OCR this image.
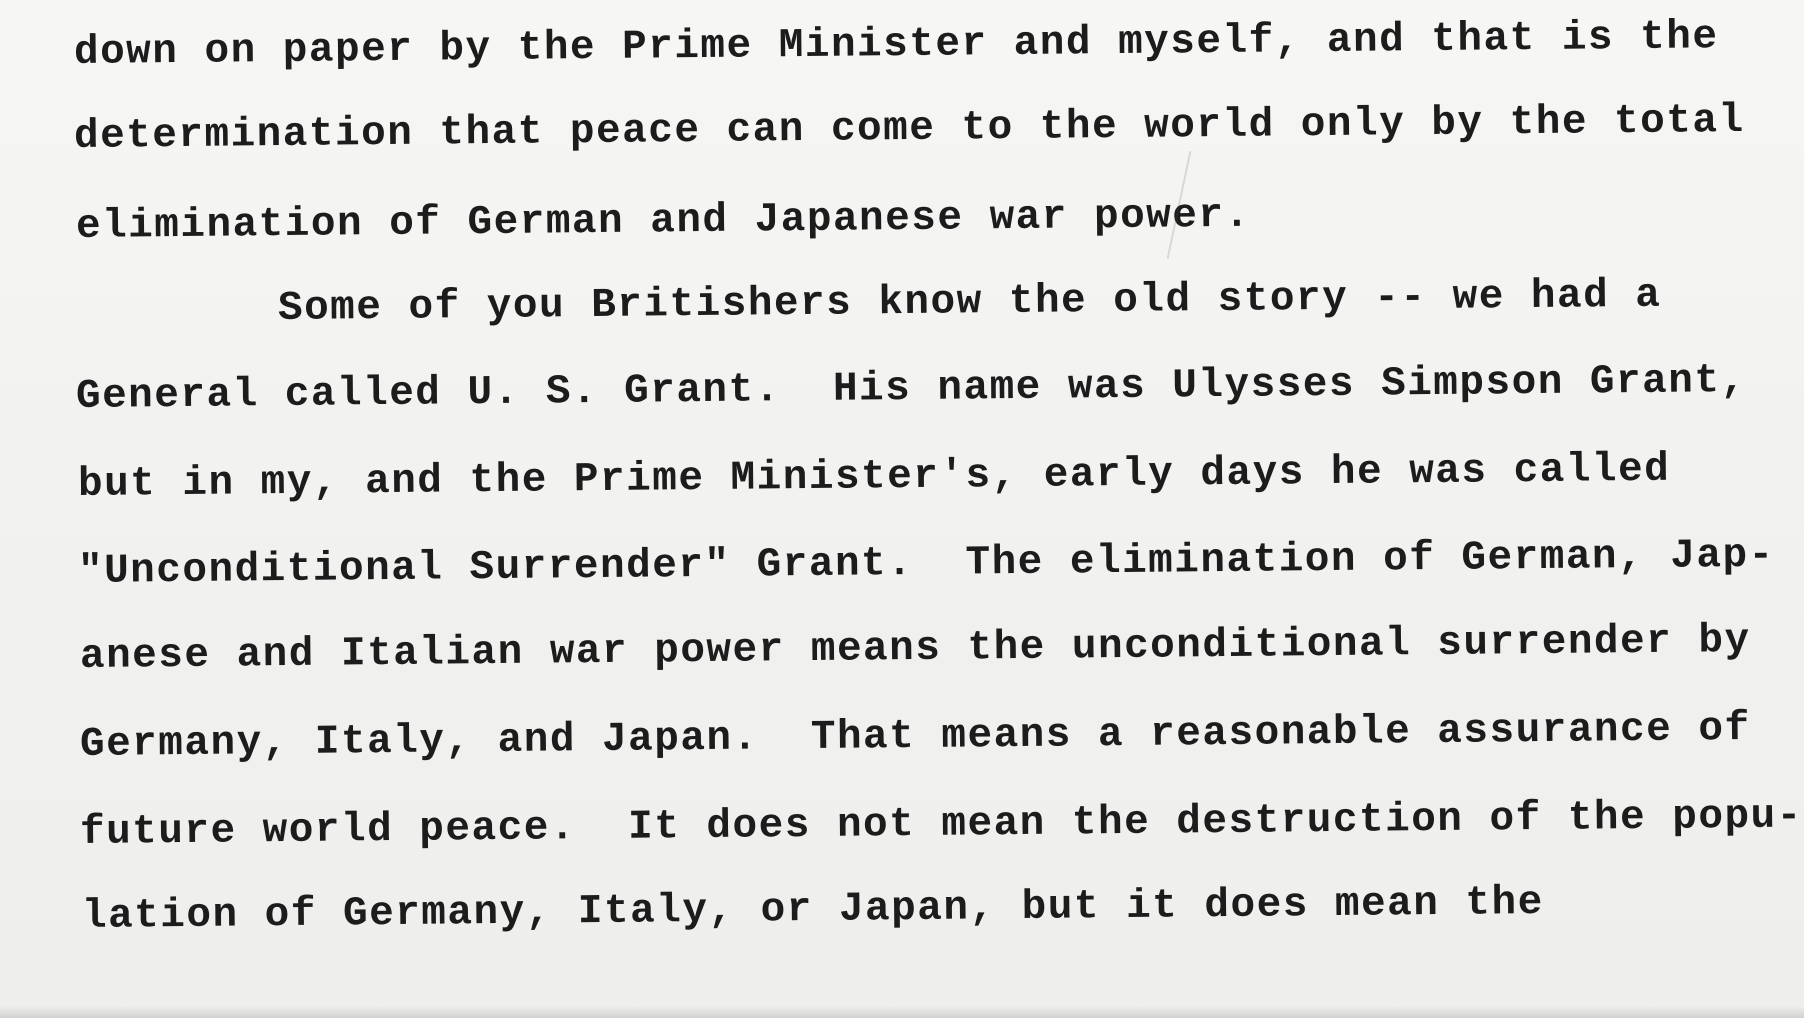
down on paper by the Prime Minister and myself, and that is the
determination that peace can come to the world only by the total
elimination of German and Japanese war power.
Some of you Britishers know the old story -- we had a
General called U. S. Grant.  His name was Ulysses Simpson Grant,
but in my, and the Prime Minister's, early days he was called
"Unconditional Surrender" Grant.  The elimination of German, Jap-
anese and Italian war power means the unconditional surrender by
Germany, Italy, and Japan.  That means a reasonable assurance of
future world peace.  It does not mean the destruction of the popu-
lation of Germany, Italy, or Japan, but it does mean the
